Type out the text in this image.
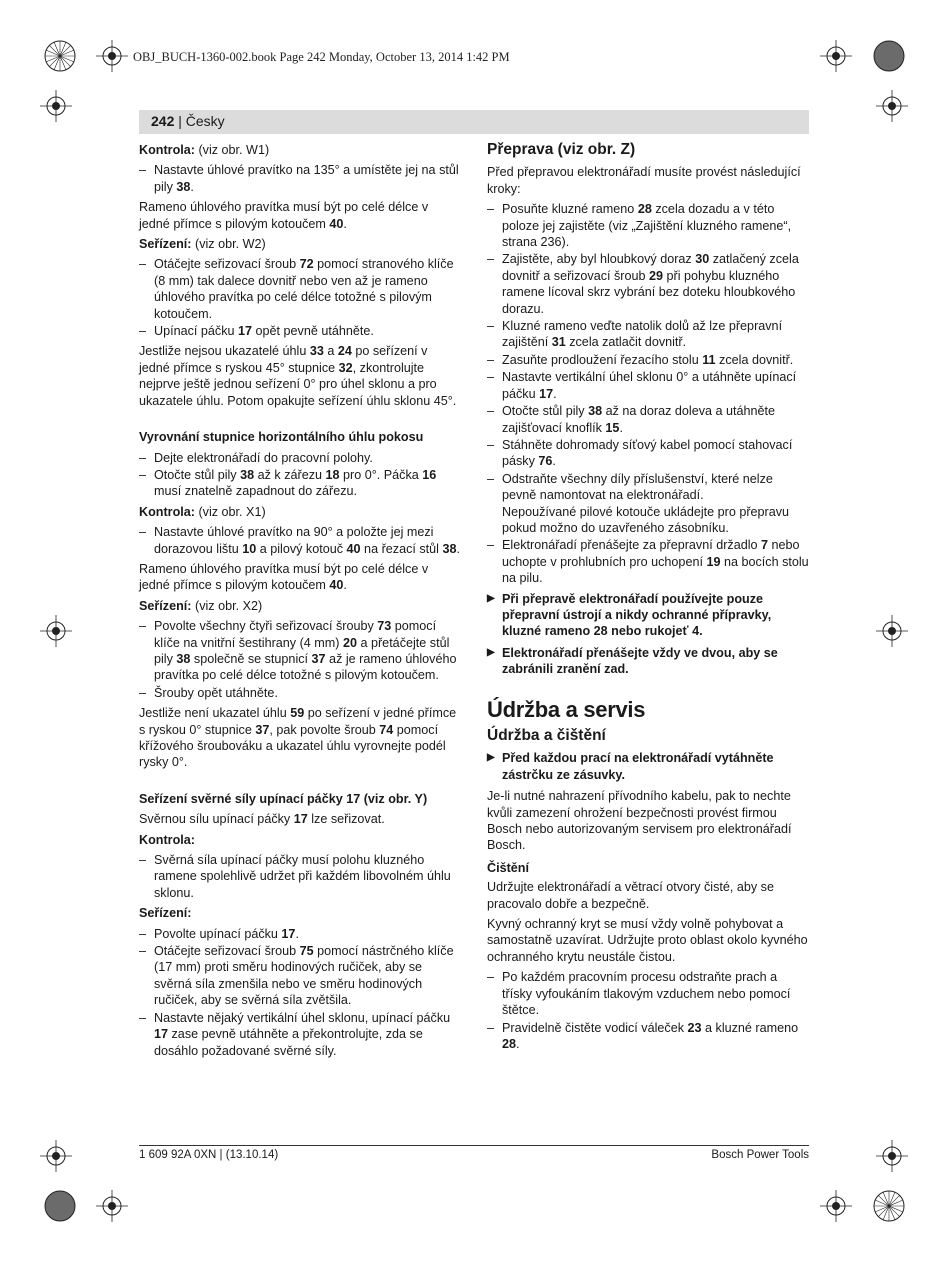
OBJ_BUCH-1360-002.book Page 242 Monday, October 13, 2014 1:42 PM
242 | Česky

Kontrola: (viz obr. W1)

– Nastavte úhlové pravítko na 135° a umístěte jej na stůl pily 38.

Rameno úhlového pravítka musí být po celé délce v jedné přímce s pilovým kotoučem 40.

Seřízení: (viz obr. W2)

– Otáčejte seřizovací šroub 72 pomocí stranového klíče (8 mm) tak dalece dovnitř nebo ven až je rameno úhlového pravítka po celé délce totožné s pilovým kotoučem.
– Upínací páčku 17 opět pevně utáhněte.

Jestliže nejsou ukazatelé úhlu 33 a 24 po seřízení v jedné přímce s ryskou 45° stupnice 32, zkontrolujte nejprve ještě jednou seřízení 0° pro úhel sklonu a pro ukazatele úhlu. Potom opakujte seřízení úhlu sklonu 45°.

Vyrovnání stupnice horizontálního úhlu pokosu

– Dejte elektronářadí do pracovní polohy.
– Otočte stůl pily 38 až k zářezu 18 pro 0°. Páčka 16 musí znatelně zapadnout do zářezu.

Kontrola: (viz obr. X1)

– Nastavte úhlové pravítko na 90° a položte jej mezi dorazovou lištu 10 a pilový kotouč 40 na řezací stůl 38.

Rameno úhlového pravítka musí být po celé délce v jedné přímce s pilovým kotoučem 40.

Seřízení: (viz obr. X2)

– Povolte všechny čtyři seřizovací šrouby 73 pomocí klíče na vnitřní šestihrany (4 mm) 20 a přetáčejte stůl pily 38 společně se stupnicí 37 až je rameno úhlového pravítka po celé délce totožné s pilovým kotoučem.
– Šrouby opět utáhněte.

Jestliže není ukazatel úhlu 59 po seřízení v jedné přímce s ryskou 0° stupnice 37, pak povolte šroub 74 pomocí křížového šroubováku a ukazatel úhlu vyrovnejte podél rysky 0°.

Seřízení svěrné síly upínací páčky 17 (viz obr. Y)

Svěrnou sílu upínací páčky 17 lze seřizovat.

Kontrola:

– Svěrná síla upínací páčky musí polohu kluzného ramene spolehlivě udržet při každém libovolném úhlu sklonu.

Seřízení:

– Povolte upínací páčku 17.
– Otáčejte seřizovací šroub 75 pomocí nástrčného klíče (17 mm) proti směru hodinových ručiček, aby se svěrná síla zmenšila nebo ve směru hodinových ručiček, aby se svěrná síla zvětšila.
– Nastavte nějaký vertikální úhel sklonu, upínací páčku 17 zase pevně utáhněte a překontrolujte, zda se dosáhlo požadované svěrné síly.

Přeprava (viz obr. Z)

Před přepravou elektronářadí musíte provést následující kroky:

– Posuňte kluzné rameno 28 zcela dozadu a v této poloze jej zajistěte (viz „Zajištění kluzného ramene“, strana 236).
– Zajistěte, aby byl hloubkový doraz 30 zatlačený zcela dovnitř a seřizovací šroub 29 při pohybu kluzného ramene lícoval skrz vybrání bez doteku hloubkového dorazu.
– Kluzné rameno veďte natolik dolů až lze přepravní zajištění 31 zcela zatlačit dovnitř.
– Zasuňte prodloužení řezacího stolu 11 zcela dovnitř.
– Nastavte vertikální úhel sklonu 0° a utáhněte upínací páčku 17.
– Otočte stůl pily 38 až na doraz doleva a utáhněte zajišťovací knoflík 15.
– Stáhněte dohromady síťový kabel pomocí stahovací pásky 76.
– Odstraňte všechny díly příslušenství, které nelze pevně namontovat na elektronářadí.
Nepoužívané pilové kotouče ukládejte pro přepravu pokud možno do uzavřeného zásobníku.
– Elektronářadí přenášejte za přepravní držadlo 7 nebo uchopte v prohlubních pro uchopení 19 na bocích stolu na pilu.
▶
Při přepravě elektronářadí používejte pouze přepravní ústrojí a nikdy ochranné přípravky, kluzné rameno 28 nebo rukojeť 4.
▶
Elektronářadí přenášejte vždy ve dvou, aby se zabránili zranění zad.

Údržba a servis

Údržba a čištění

▶
Před každou prací na elektronářadí vytáhněte zástrčku ze zásuvky.

Je-li nutné nahrazení přívodního kabelu, pak to nechte kvůli zamezení ohrožení bezpečnosti provést firmou Bosch nebo autorizovaným servisem pro elektronářadí Bosch.

Čištění

Udržujte elektronářadí a větrací otvory čisté, aby se pracovalo dobře a bezpečně.

Kyvný ochranný kryt se musí vždy volně pohybovat a samostatně uzavírat. Udržujte proto oblast okolo kyvného ochranného krytu neustále čistou.

– Po každém pracovním procesu odstraňte prach a třísky vyfoukáním tlakovým vzduchem nebo pomocí štětce.
– Pravidelně čistěte vodicí váleček 23 a kluzné rameno 28.
1 609 92A 0XN | (13.10.14)	Bosch Power Tools
